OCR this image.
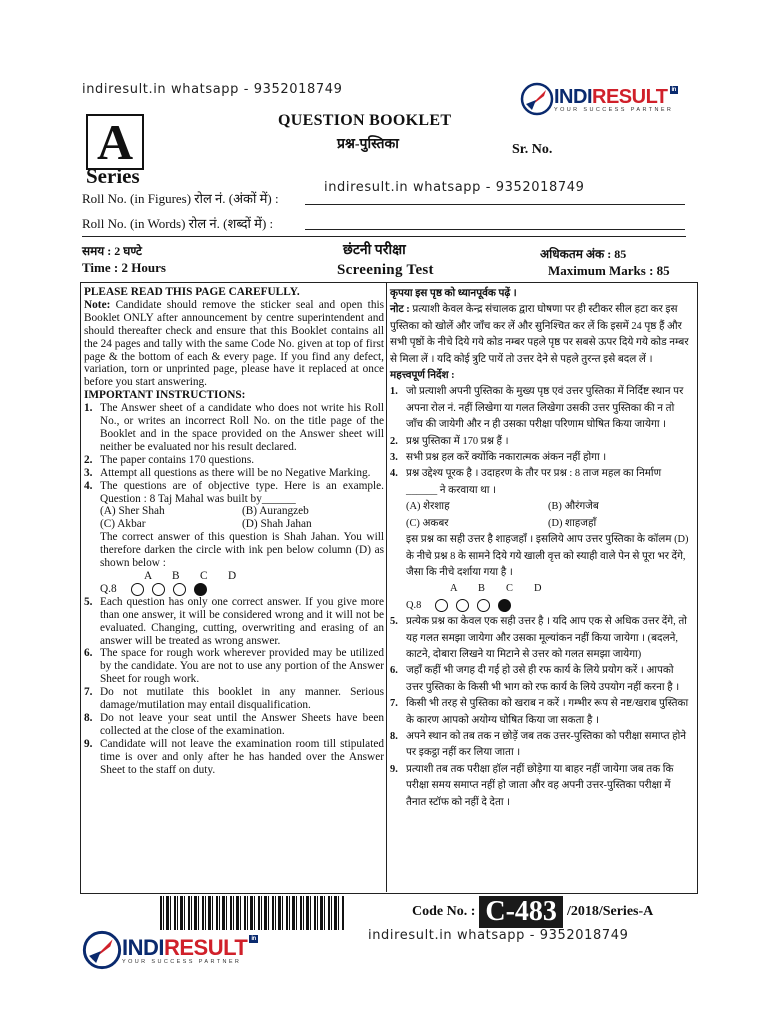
indiresult.in whatsapp - 9352018749	INDIRESULT in
YOUR SUCCESS PARTNER
A
Series
QUESTION BOOKLET
प्रश्न-पुस्तिका	Sr. No.
indiresult.in whatsapp - 9352018749
Roll No. (in Figures) रोल नं. (अंकों में) :
Roll No. (in Words) रोल नं. (शब्दों में) :
समय : 2 घण्टे
Time : 2 Hours
छंटनी परीक्षा
Screening Test
अधिकतम अंक : 85
Maximum Marks : 85
PLEASE READ THIS PAGE CAREFULLY.
Note: Candidate should remove the sticker seal and open this Booklet ONLY after announcement by centre superintendent and should thereafter check and ensure that this Booklet contains all the 24 pages and tally with the same Code No. given at top of first page & the bottom of each & every page. If you find any defect, variation, torn or unprinted page, please have it replaced at once before you start answering.
IMPORTANT INSTRUCTIONS:
1. The Answer sheet of a candidate who does not write his Roll No., or writes an incorrect Roll No. on the title page of the Booklet and in the space provided on the Answer sheet will neither be evaluated nor his result declared.
2. The paper contains 170 questions.
3. Attempt all questions as there will be no Negative Marking.
4. The questions are of objective type. Here is an example. Question : 8 Taj Mahal was built by______
(A) Sher Shah	(B) Aurangzeb
(C) Akbar	(D) Shah Jahan
The correct answer of this question is Shah Jahan. You will therefore darken the circle with ink pen below column (D) as shown below :
A	B	C	D
Q.8
5. Each question has only one correct answer. If you give more than one answer, it will be considered wrong and it will not be evaluated. Changing, cutting, overwriting and erasing of an answer will be treated as wrong answer.
6. The space for rough work wherever provided may be utilized by the candidate. You are not to use any portion of the Answer Sheet for rough work.
7. Do not mutilate this booklet in any manner. Serious damage/mutilation may entail disqualification.
8. Do not leave your seat until the Answer Sheets have been collected at the close of the examination.
9. Candidate will not leave the examination room till stipulated time is over and only after he has handed over the Answer Sheet to the staff on duty.
कृपया इस पृष्ठ को ध्यानपूर्वक पढ़ें ।
नोट : प्रत्याशी केवल केन्द्र संचालक द्वारा घोषणा पर ही स्टीकर सील हटा कर इस पुस्तिका को खोलें और जाँच कर लें और सुनिश्चित कर लें कि इसमें 24 पृष्ठ हैं और सभी पृष्ठों के नीचे दिये गये कोड नम्बर पहले पृष्ठ पर सबसे ऊपर दिये गये कोड नम्बर से मिला लें । यदि कोई त्रुटि पायें तो उत्तर देने से पहले तुरन्त इसे बदल लें ।
महत्त्वपूर्ण निर्देश :
1. जो प्रत्याशी अपनी पुस्तिका के मुख्य पृष्ठ एवं उत्तर पुस्तिका में निर्दिष्ट स्थान पर अपना रोल नं. नहीं लिखेगा या गलत लिखेगा उसकी उत्तर पुस्तिका की न तो जाँच की जायेगी और न ही उसका परीक्षा परिणाम घोषित किया जायेगा ।
2. प्रश्न पुस्तिका में 170 प्रश्न हैं ।
3. सभी प्रश्न हल करें क्योंकि नकारात्मक अंकन नहीं होगा ।
4. प्रश्न उद्देश्य पूरक है । उदाहरण के तौर पर प्रश्न : 8 ताज महल का निर्माण ______ ने करवाया था ।
(A) शेरशाह	(B) औरंगजेब
(C) अकबर	(D) शाहजहाँ
इस प्रश्न का सही उत्तर है शाहजहाँ । इसलिये आप उत्तर पुस्तिका के कॉलम (D) के नीचे प्रश्न 8 के सामने दिये गये खाली वृत्त को स्याही वाले पेन से पूरा भर देंगे, जैसा कि नीचे दर्शाया गया है ।
A	B	C	D
Q.8
5. प्रत्येक प्रश्न का केवल एक सही उत्तर है । यदि आप एक से अधिक उत्तर देंगे, तो यह गलत समझा जायेगा और उसका मूल्यांकन नहीं किया जायेगा । (बदलने, काटने, दोबारा लिखने या मिटाने से उत्तर को गलत समझा जायेगा)
6. जहाँ कहीं भी जगह दी गई हो उसे ही रफ कार्य के लिये प्रयोग करें । आपको उत्तर पुस्तिका के किसी भी भाग को रफ कार्य के लिये उपयोग नहीं करना है ।
7. किसी भी तरह से पुस्तिका को खराब न करें । गम्भीर रूप से नष्ट/खराब पुस्तिका के कारण आपको अयोग्य घोषित किया जा सकता है ।
8. अपने स्थान को तब तक न छोड़ें जब तक उत्तर-पुस्तिका को परीक्षा समाप्त होने पर इकट्ठा नहीं कर लिया जाता ।
9. प्रत्याशी तब तक परीक्षा हॉल नहीं छोड़ेगा या बाहर नहीं जायेगा जब तक कि परीक्षा समय समाप्त नहीं हो जाता और वह अपनी उत्तर-पुस्तिका परीक्षा में तैनात स्टॉफ को नहीं दे देता ।
Code No. : C-483 /2018/Series-A
indiresult.in whatsapp - 9352018749
INDIRESULT in
YOUR SUCCESS PARTNER
